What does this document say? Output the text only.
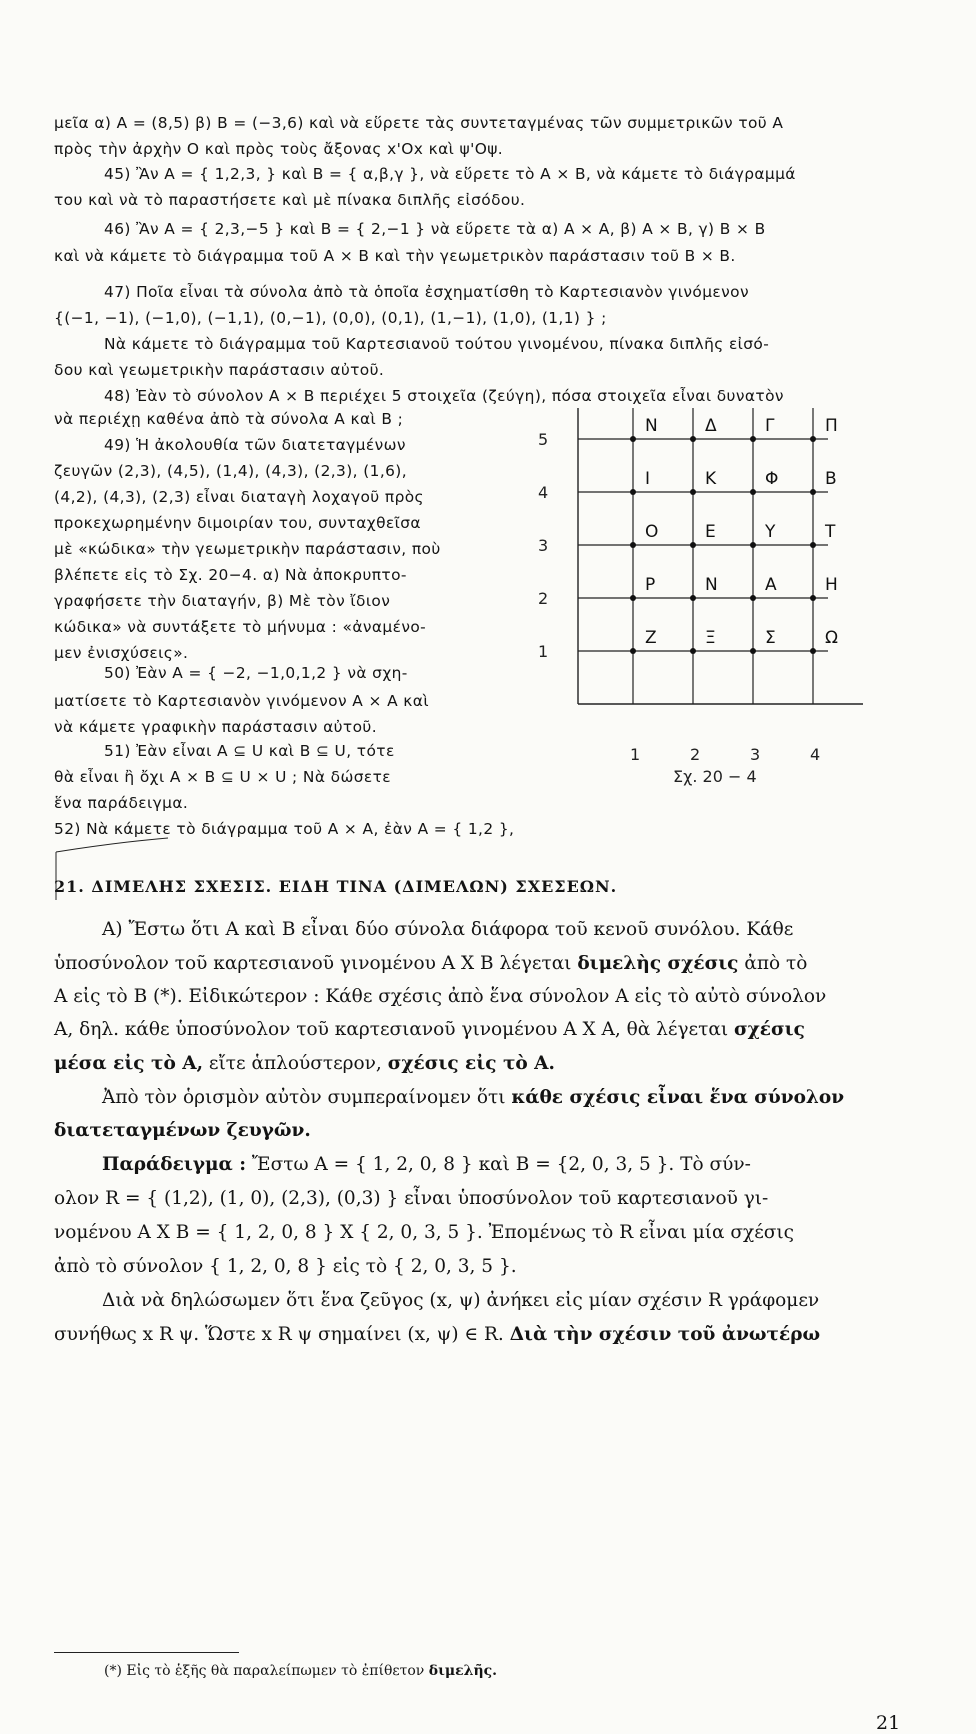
μεῖα α) Α = (8,5) β) Β = (−3,6) καὶ νὰ εὕρετε τὰς συντεταγμένας τῶν συμμετρικῶν τοῦ Α
πρὸς τὴν ἀρχὴν Ο καὶ πρὸς τοὺς ἄξονας x'Ox καὶ ψ'Οψ.
45) Ἂν Α = { 1,2,3, } καὶ Β = { α,β,γ }, νὰ εὕρετε τὸ Α × Β, νὰ κάμετε τὸ διάγραμμά
του καὶ νὰ τὸ παραστήσετε καὶ μὲ πίνακα διπλῆς εἰσόδου.
46) Ἂν Α = { 2,3,−5 } καὶ Β = { 2,−1 } νὰ εὕρετε τὰ α) Α × Α, β) Α × Β, γ) Β × Β
καὶ νὰ κάμετε τὸ διάγραμμα τοῦ Α × Β καὶ τὴν γεωμετρικὸν παράστασιν τοῦ Β × Β.
47) Ποῖα εἶναι τὰ σύνολα ἀπὸ τὰ ὁποῖα ἐσχηματίσθη τὸ Καρτεσιανὸν γινόμενον
{(−1, −1), (−1,0), (−1,1), (0,−1), (0,0), (0,1), (1,−1), (1,0), (1,1) } ;
Νὰ κάμετε τὸ διάγραμμα τοῦ Καρτεσιανοῦ τούτου γινομένου, πίνακα διπλῆς εἰσό-
δου καὶ γεωμετρικὴν παράστασιν αὐτοῦ.
48) Ἐὰν τὸ σύνολον Α × Β περιέχει 5 στοιχεῖα (ζεύγη), πόσα στοιχεῖα εἶναι δυνατὸν
νὰ περιέχῃ καθένα ἀπὸ τὰ σύνολα Α καὶ Β ;
49) Ἡ ἀκολουθία τῶν διατεταγμένων
ζευγῶν (2,3), (4,5), (1,4), (4,3), (2,3), (1,6),
(4,2), (4,3), (2,3) εἶναι διαταγὴ λοχαγοῦ πρὸς
προκεχωρημένην διμοιρίαν του, συνταχθεῖσα
μὲ «κώδικα» τὴν γεωμετρικὴν παράστασιν, ποὺ
βλέπετε εἰς τὸ Σχ. 20−4. α) Νὰ ἀποκρυπτο-
γραφήσετε τὴν διαταγήν, β) Μὲ τὸν ἴδιον
κώδικα» νὰ συντάξετε τὸ μήνυμα : «ἀναμένο-
μεν ἐνισχύσεις».
50) Ἐὰν Α = { −2, −1,0,1,2 } νὰ σχη-
ματίσετε τὸ Καρτεσιανὸν γινόμενον Α × Α καὶ
νὰ κάμετε γραφικὴν παράστασιν αὐτοῦ.
51) Ἐὰν εἶναι Α ⊆ U καὶ Β ⊆ U, τότε
θὰ εἶναι ἢ ὄχι Α × Β ⊆ U × U ; Νὰ δώσετε
ἕνα παράδειγμα.
52) Νὰ κάμετε τὸ διάγραμμα τοῦ Α × Α, ἐὰν Α = { 1,2 },
21. ΔΙΜΕΛΗΣ ΣΧΕΣΙΣ. ΕΙΔΗ ΤΙΝΑ (ΔΙΜΕΛΩΝ) ΣΧΕΣΕΩΝ.
Α) Ἔστω ὅτι Α καὶ Β εἶναι δύο σύνολα διάφορα τοῦ κενοῦ συνόλου. Κάθε
ὑποσύνολον τοῦ καρτεσιανοῦ γινομένου Α Χ Β λέγεται διμελὴς σχέσις ἀπὸ τὸ
Α εἰς τὸ Β (*). Εἰδικώτερον : Κάθε σχέσις ἀπὸ ἕνα σύνολον Α εἰς τὸ αὐτὸ σύνολον
Α, δηλ. κάθε ὑποσύνολον τοῦ καρτεσιανοῦ γινομένου Α Χ Α, θὰ λέγεται σχέσις
μέσα εἰς τὸ Α, εἴτε ἁπλούστερον, σχέσις εἰς τὸ Α.
Ἀπὸ τὸν ὁρισμὸν αὐτὸν συμπεραίνομεν ὅτι κάθε σχέσις εἶναι ἕνα σύνολον
διατεταγμένων ζευγῶν.
Παράδειγμα : Ἔστω Α = { 1, 2, 0, 8 } καὶ Β = {2, 0, 3, 5 }. Τὸ σύν-
ολον R = { (1,2), (1, 0), (2,3), (0,3) } εἶναι ὑποσύνολον τοῦ καρτεσιανοῦ γι-
νομένου Α Χ Β = { 1, 2, 0, 8 } Χ { 2, 0, 3, 5 }. Ἐπομένως τὸ R εἶναι μία σχέσις
ἀπὸ τὸ σύνολον { 1, 2, 0, 8 } εἰς τὸ { 2, 0, 3, 5 }.
Διὰ νὰ δηλώσωμεν ὅτι ἕνα ζεῦγος (x, ψ) ἀνήκει εἰς μίαν σχέσιν R γράφομεν
συνήθως x R ψ. Ὥστε x R ψ σημαίνει (x, ψ) ∈ R. Διὰ τὴν σχέσιν τοῦ ἀνωτέρω
(*) Εἰς τὸ ἑξῆς θὰ παραλείπωμεν τὸ ἐπίθετον διμελῆς.
21
1
2
3
4
5
1	2	3	4
Ζ	Ξ	Σ	Ω
Ρ	Ν	Α	Η
Ο	Ε	Υ	Τ
Ι	Κ	Φ	Β
Ν	Δ	Γ	Π
Σχ. 20 − 4
